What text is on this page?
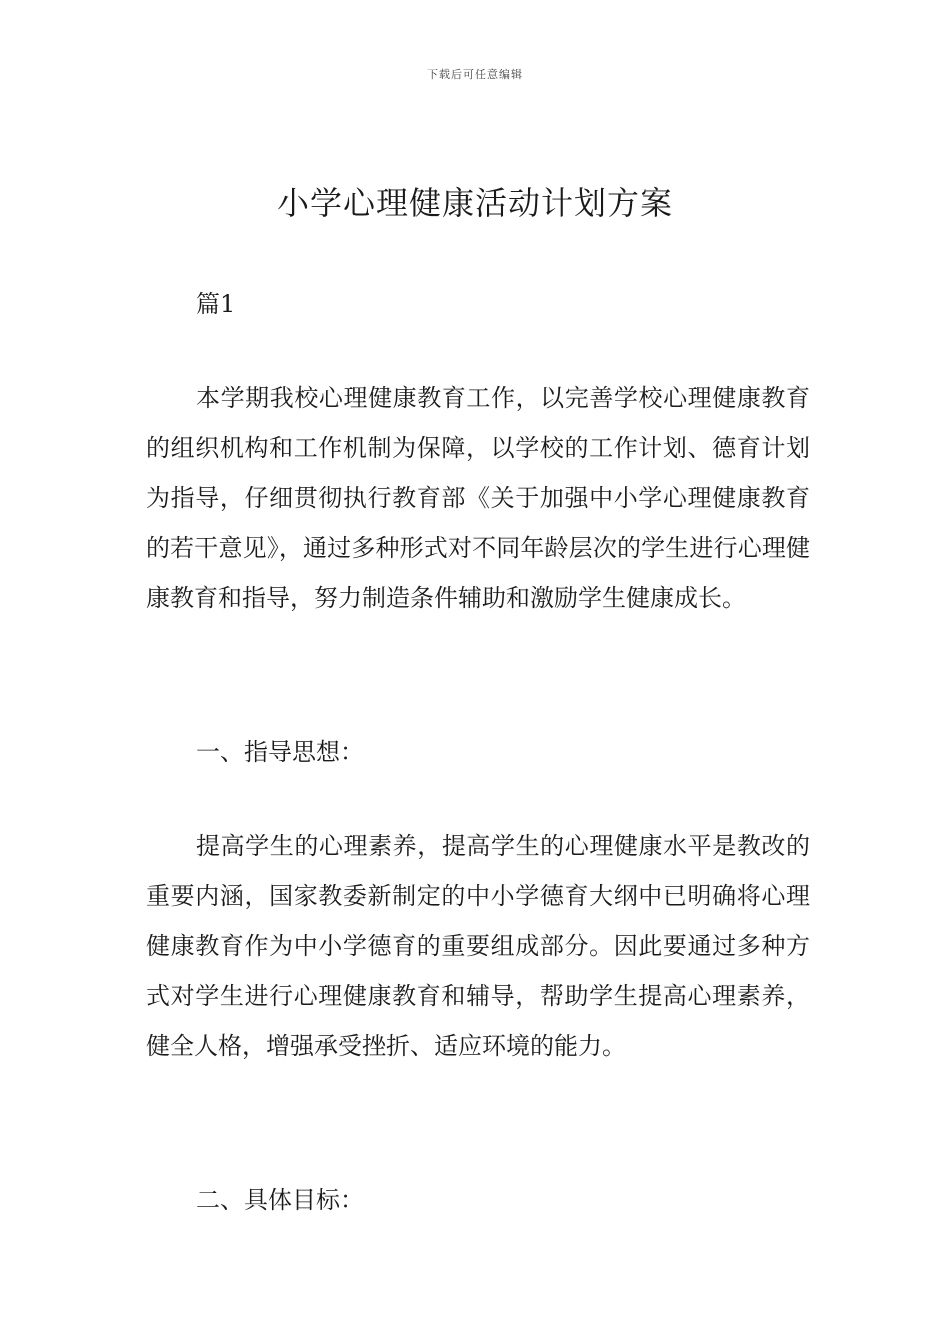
下载后可任意编辑
小学心理健康活动计划方案

篇1

本学期我校心理健康教育工作，以完善学校心理健康教育的组织机构和工作机制为保障，以学校的工作计划、德育计划为指导，仔细贯彻执行教育部《关于加强中小学心理健康教育的若干意见》，通过多种形式对不同年龄层次的学生进行心理健康教育和指导，努力制造条件辅助和激励学生健康成长。

一、指导思想：

提高学生的心理素养，提高学生的心理健康水平是教改的重要内涵，国家教委新制定的中小学德育大纲中已明确将心理健康教育作为中小学德育的重要组成部分。因此要通过多种方式对学生进行心理健康教育和辅导，帮助学生提高心理素养，健全人格，增强承受挫折、适应环境的能力。

二、具体目标：
